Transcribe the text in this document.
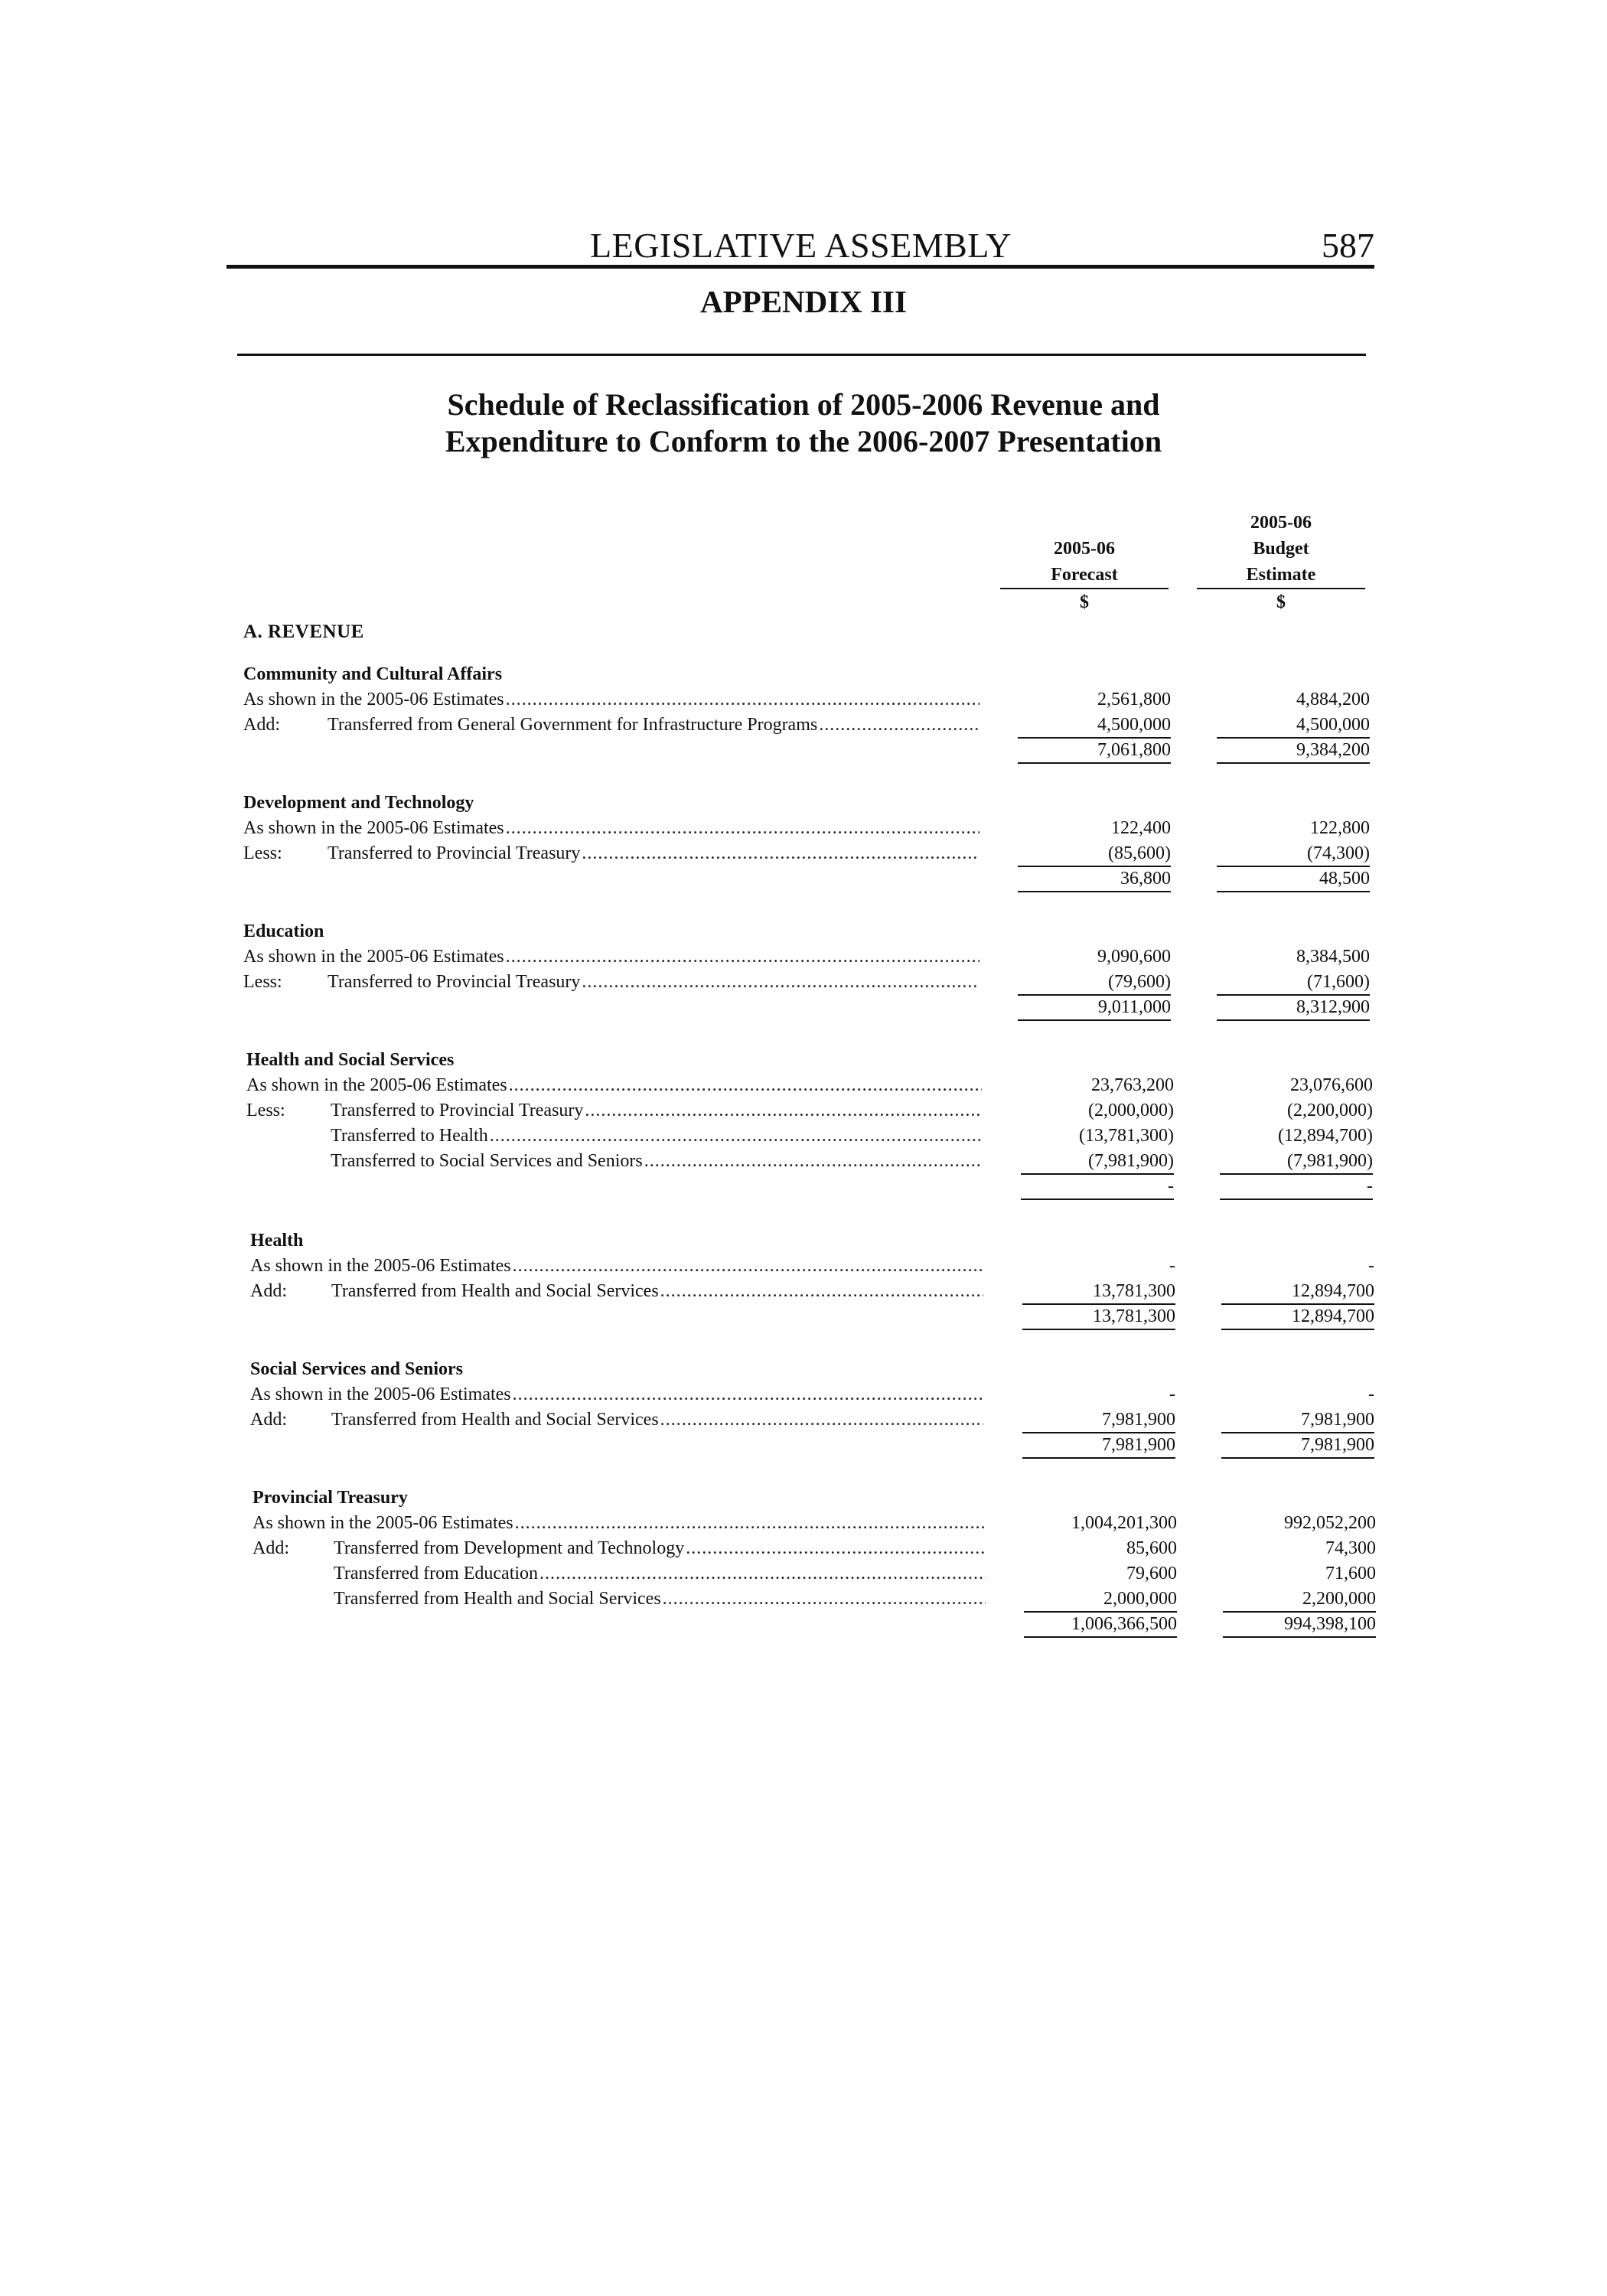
LEGISLATIVE ASSEMBLY	587
APPENDIX III
Schedule of Reclassification of 2005-2006 Revenue and
Expenditure to Conform to the 2006-2007 Presentation
2005-06
Forecast
$
2005-06
Budget
Estimate
$
A. REVENUE
Community and Cultural Affairs
As shown in the 2005-06 Estimates .....	2,561,800	4,884,200
Add:	Transferred from General Government for Infrastructure Programs .....	4,500,000	4,500,000
7,061,800	9,384,200
Development and Technology
As shown in the 2005-06 Estimates .....	122,400	122,800
Less:	Transferred to Provincial Treasury .....	(85,600)	(74,300)
36,800	48,500
Education
As shown in the 2005-06 Estimates .....	9,090,600	8,384,500
Less:	Transferred to Provincial Treasury .....	(79,600)	(71,600)
9,011,000	8,312,900
Health and Social Services
As shown in the 2005-06 Estimates .....	23,763,200	23,076,600
Less:	Transferred to Provincial Treasury .....	(2,000,000)	(2,200,000)
Transferred to Health .....	(13,781,300)	(12,894,700)
Transferred to Social Services and Seniors .....	(7,981,900)	(7,981,900)
-	-
Health
As shown in the 2005-06 Estimates .....	-	-
Add:	Transferred from Health and Social Services .....	13,781,300	12,894,700
13,781,300	12,894,700
Social Services and Seniors
As shown in the 2005-06 Estimates .....	-	-
Add:	Transferred from Health and Social Services .....	7,981,900	7,981,900
7,981,900	7,981,900
Provincial Treasury
As shown in the 2005-06 Estimates .....	1,004,201,300	992,052,200
Add:	Transferred from Development and Technology .....	85,600	74,300
Transferred from Education .....	79,600	71,600
Transferred from Health and Social Services .....	2,000,000	2,200,000
1,006,366,500	994,398,100
